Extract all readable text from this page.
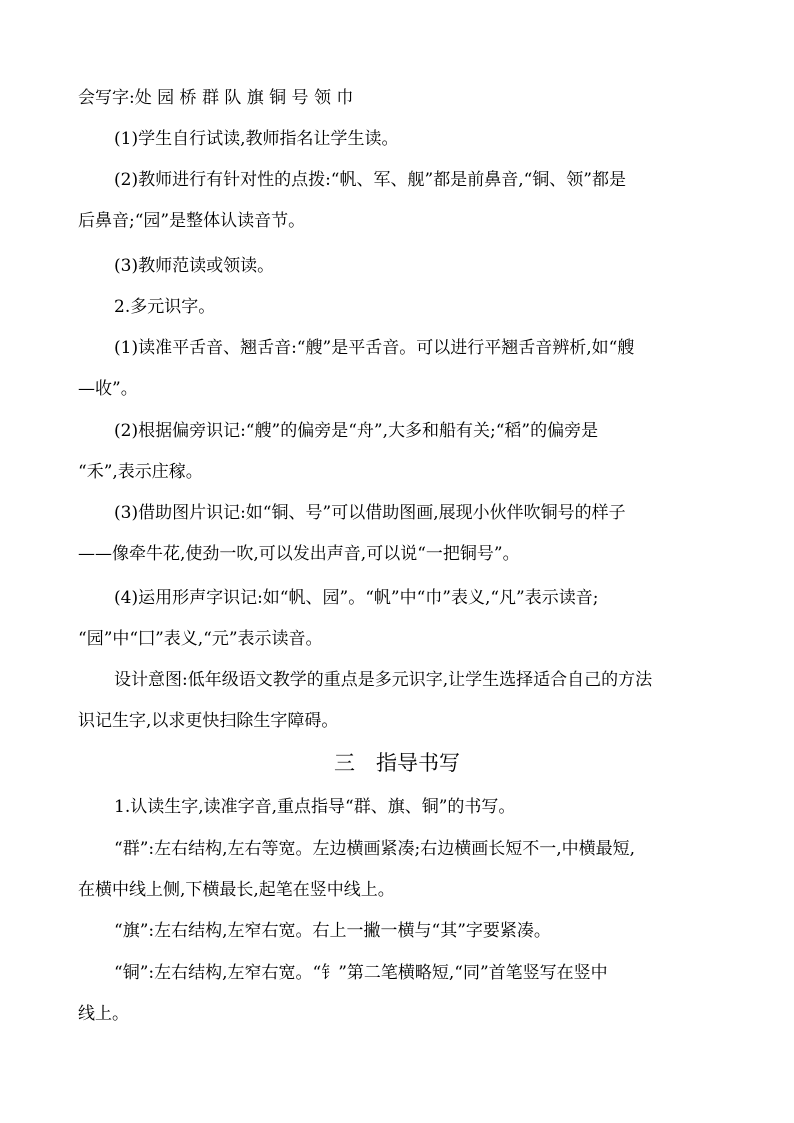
会写字:处 园 桥 群 队 旗 铜 号 领 巾
(1)学生自行试读,教师指名让学生读。
(2)教师进行有针对性的点拨:“帆、军、舰”都是前鼻音,“铜、领”都是
后鼻音;“园”是整体认读音节。
(3)教师范读或领读。
2.多元识字。
(1)读准平舌音、翘舌音:“艘”是平舌音。可以进行平翘舌音辨析,如“艘
—收”。
(2)根据偏旁识记:“艘”的偏旁是“舟”,大多和船有关;“稻”的偏旁是
“禾”,表示庄稼。
(3)借助图片识记:如“铜、号”可以借助图画,展现小伙伴吹铜号的样子
——像牵牛花,使劲一吹,可以发出声音,可以说“一把铜号”。
(4)运用形声字识记:如“帆、园”。“帆”中“巾”表义,“凡”表示读音;
“园”中“囗”表义,“元”表示读音。
设计意图:低年级语文教学的重点是多元识字,让学生选择适合自己的方法
识记生字,以求更快扫除生字障碍。
三　指导书写
1.认读生字,读准字音,重点指导“群、旗、铜”的书写。
“群”:左右结构,左右等宽。左边横画紧凑;右边横画长短不一,中横最短,
在横中线上侧,下横最长,起笔在竖中线上。
“旗”:左右结构,左窄右宽。右上一撇一横与“其”字要紧凑。
“铜”:左右结构,左窄右宽。“钅”第二笔横略短,“同”首笔竖写在竖中
线上。
